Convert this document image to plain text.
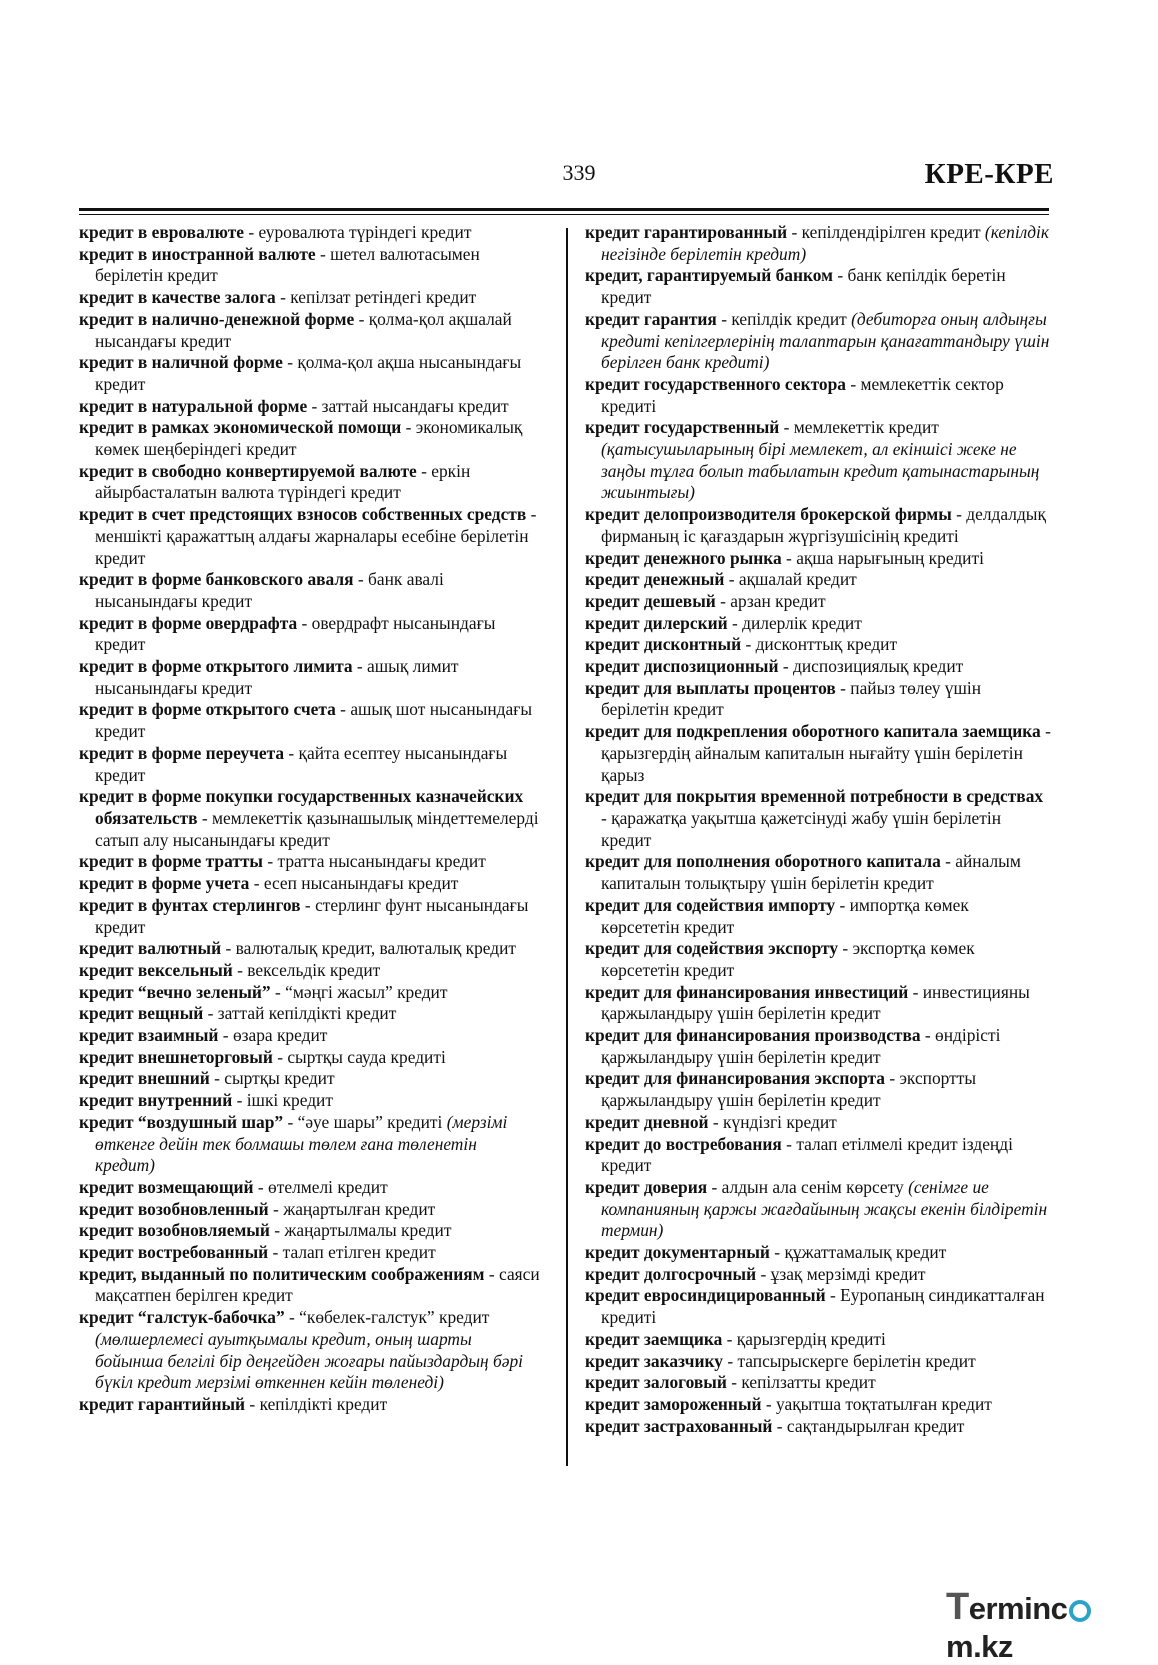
339	КРЕ-КРЕ

кредит в евровалюте - еуровалюта түріндегі кредит

кредит в иностранной валюте - шетел валютасымен берілетін кредит

кредит в качестве залога - кепілзат ретіндегі кредит

кредит в налично-денежной форме - қолма-қол ақшалай нысандағы кредит

кредит в наличной форме - қолма-қол ақша нысанындағы кредит

кредит в натуральной форме - заттай нысандағы кредит

кредит в рамках экономической помощи - экономикалық көмек шеңберіндегі кредит

кредит в свободно конвертируемой валюте - еркін айырбасталатын валюта түріндегі кредит

кредит в счет предстоящих взносов собственных средств - меншікті қаражаттың алдағы жарналары есебіне берілетін кредит

кредит в форме банковского аваля - банк авалі нысанындағы кредит

кредит в форме овердрафта - овердрафт нысанындағы кредит

кредит в форме открытого лимита - ашық лимит нысанындағы кредит

кредит в форме открытого счета - ашық шот нысанындағы кредит

кредит в форме переучета - қайта есептеу нысанындағы кредит

кредит в форме покупки государственных казначейских обязательств - мемлекеттік қазынашылық міндеттемелерді сатып алу нысанындағы кредит

кредит в форме тратты - тратта нысанындағы кредит

кредит в форме учета - есеп нысанындағы кредит

кредит в фунтах стерлингов - стерлинг фунт нысанындағы кредит

кредит валютный - валюталық кредит, валюталық кредит

кредит вексельный - вексельдік кредит

кредит “вечно зеленый” - “мәңгі жасыл” кредит

кредит вещный - заттай кепілдікті кредит

кредит взаимный - өзара кредит

кредит внешнеторговый - сыртқы сауда кредиті

кредит внешний - сыртқы кредит

кредит внутренний - ішкі кредит

кредит “воздушный шар” - “әуе шары” кредиті (мерзімі өткенге дейін тек болмашы төлем ғана төленетін кредит)

кредит возмещающий - өтелмелі кредит

кредит возобновленный - жаңартылған кредит

кредит возобновляемый - жаңартылмалы кредит

кредит востребованный - талап етілген кредит

кредит, выданный по политическим соображениям - саяси мақсатпен берілген кредит

кредит “галстук-бабочка” - “көбелек-галстук” кредит (мөлшерлемесі ауытқымалы кредит, оның шарты бойынша белгілі бір деңгейден жоғары пайыздардың бәрі бүкіл кредит мерзімі өткеннен кейін төленеді)

кредит гарантийный - кепілдікті кредит

кредит гарантированный - кепілдендірілген кредит (кепілдік негізінде берілетін кредит)

кредит, гарантируемый банком - банк кепілдік беретін кредит

кредит гарантия - кепілдік кредит (дебиторға оның алдыңғы кредиті кепілгерлерінің талаптарын қанағаттандыру үшін берілген банк кредиті)

кредит государственного сектора - мемлекеттік сектор кредиті

кредит государственный - мемлекеттік кредит (қатысушыларының бірі мемлекет, ал екіншісі жеке не заңды тұлға болып табылатын кредит қатынастарының жиынтығы)

кредит делопроизводителя брокерской фирмы - делдалдық фирманың іс қағаздарын жүргізушісінің кредиті

кредит денежного рынка - ақша нарығының кредиті

кредит денежный - ақшалай кредит

кредит дешевый - арзан кредит

кредит дилерский - дилерлік кредит

кредит дисконтный - дисконттық кредит

кредит диспозиционный - диспозициялық кредит

кредит для выплаты процентов - пайыз төлеу үшін берілетін кредит

кредит для подкрепления оборотного капитала заемщика - қарызгердің айналым капиталын нығайту үшін берілетін қарыз

кредит для покрытия временной потребности в средствах - қаражатқа уақытша қажетсінуді жабу үшін берілетін кредит

кредит для пополнения оборотного капитала - айналым капиталын толықтыру үшін берілетін кредит

кредит для содействия импорту - импортқа көмек көрсететін кредит

кредит для содействия экспорту - экспортқа көмек көрсететін кредит

кредит для финансирования инвестиций - инвестицияны қаржыландыру үшін берілетін кредит

кредит для финансирования производства - өндірісті қаржыландыру үшін берілетін кредит

кредит для финансирования экспорта - экспортты қаржыландыру үшін берілетін кредит

кредит дневной - күндізгі кредит

кредит до востребования - талап етілмелі кредит іздеңді кредит

кредит доверия - алдын ала сенім көрсету (сенімге ие компанияның қаржы жағдайының жақсы екенін білдіретін термин)

кредит документарный - құжаттамалық кредит

кредит долгосрочный - ұзақ мерзімді кредит

кредит евросиндицированный - Еуропаның синдикатталған кредиті

кредит заемщика - қарызгердің кредиті

кредит заказчику - тапсырыскерге берілетін кредит

кредит залоговый - кепілзатты кредит

кредит замороженный - уақытша тоқтатылған кредит

кредит застрахованный - сақтандырылған кредит

Termincm.kz
